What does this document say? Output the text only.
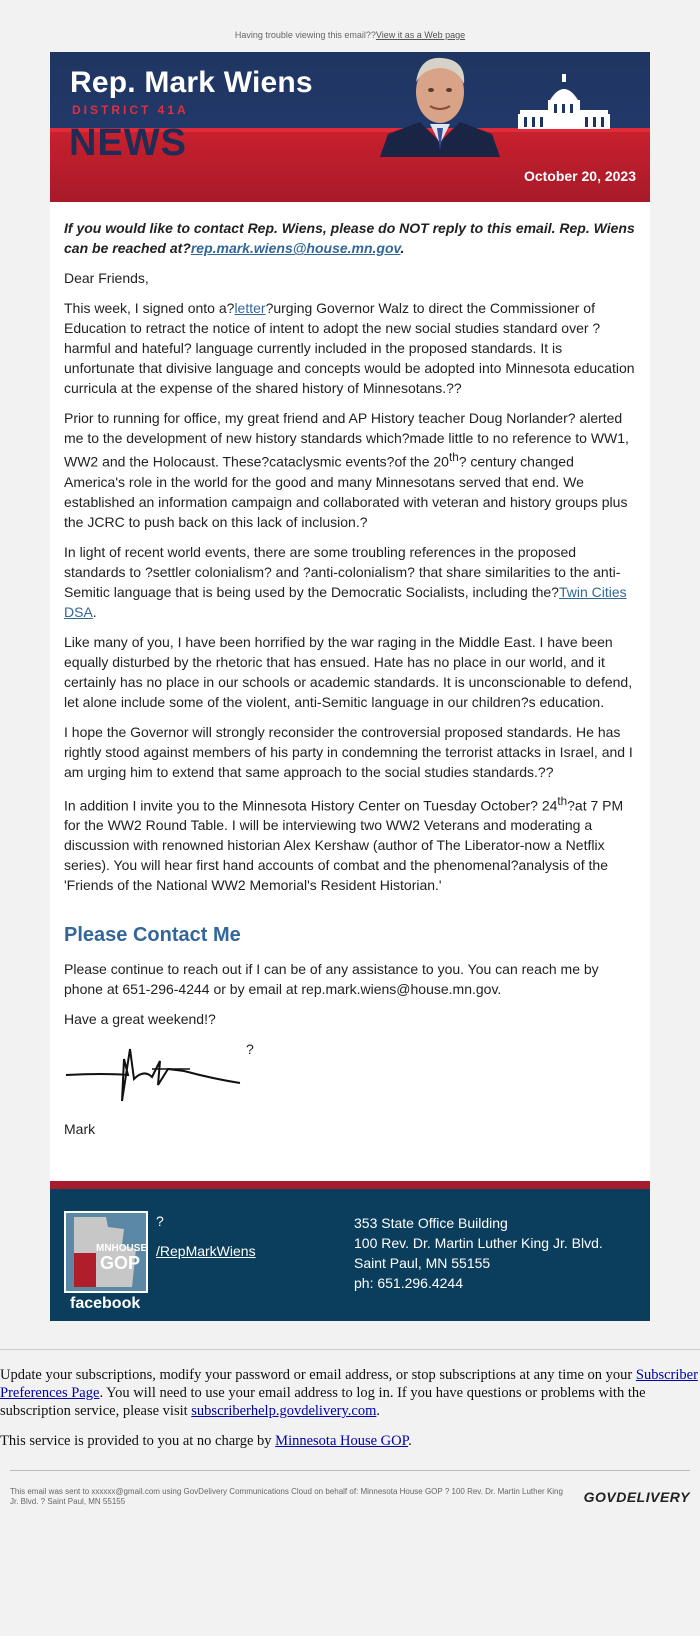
Having trouble viewing this email??View it as a Web page
Rep. Mark Wiens
DISTRICT 41A
NEWS
October 20, 2023

If you would like to contact Rep. Wiens, please do NOT reply to this email. Rep. Wiens can be reached at?rep.mark.wiens@house.mn.gov.

Dear Friends,

This week, I signed onto a?letter?urging Governor Walz to direct the Commissioner of Education to retract the notice of intent to adopt the new social studies standard over ?harmful and hateful? language currently included in the proposed standards. It is unfortunate that divisive language and concepts would be adopted into Minnesota education curricula at the expense of the shared history of Minnesotans.??

Prior to running for office, my great friend and AP History teacher Doug Norlander? alerted me to the development of new history standards which?made little to no reference to WW1, WW2 and the Holocaust. These?cataclysmic events?of the 20th? century changed America's role in the world for the good and many Minnesotans served that end. We established an information campaign and collaborated with veteran and history groups plus the JCRC to push back on this lack of inclusion.?

In light of recent world events, there are some troubling references in the proposed standards to ?settler colonialism? and ?anti-colonialism? that share similarities to the anti-Semitic language that is being used by the Democratic Socialists, including the?Twin Cities DSA.

Like many of you, I have been horrified by the war raging in the Middle East. I have been equally disturbed by the rhetoric that has ensued. Hate has no place in our world, and it certainly has no place in our schools or academic standards. It is unconscionable to defend, let alone include some of the violent, anti-Semitic language in our children?s education.

I hope the Governor will strongly reconsider the controversial proposed standards. He has rightly stood against members of his party in condemning the terrorist attacks in Israel, and I am urging him to extend that same approach to the social studies standards.??

In addition I invite you to the Minnesota History Center on Tuesday October? 24th?at 7 PM for the WW2 Round Table. I will be interviewing two WW2 Veterans and moderating a discussion with renowned historian Alex Kershaw (author of The Liberator-now a Netflix series). You will hear first hand accounts of combat and the phenomenal?analysis of the 'Friends of the National WW2 Memorial's Resident Historian.'

Please Contact Me

Please continue to reach out if I can be of any assistance to you. You can reach me by phone at 651-296-4244 or by email at rep.mark.wiens@house.mn.gov.

Have a great weekend!?

?

Mark

MNHOUSE
GOP
facebook
?
/RepMarkWiens
353 State Office Building
100 Rev. Dr. Martin Luther King Jr. Blvd.
Saint Paul, MN 55155
ph: 651.296.4244

Update your subscriptions, modify your password or email address, or stop subscriptions at any time on your Subscriber Preferences Page. You will need to use your email address to log in. If you have questions or problems with the subscription service, please visit subscriberhelp.govdelivery.com.

This service is provided to you at no charge by Minnesota House GOP.

This email was sent to xxxxxx@gmail.com using GovDelivery Communications Cloud on behalf of: Minnesota House GOP ? 100 Rev. Dr. Martin Luther King Jr. Blvd. ? Saint Paul, MN 55155	GOVDELIVERY
